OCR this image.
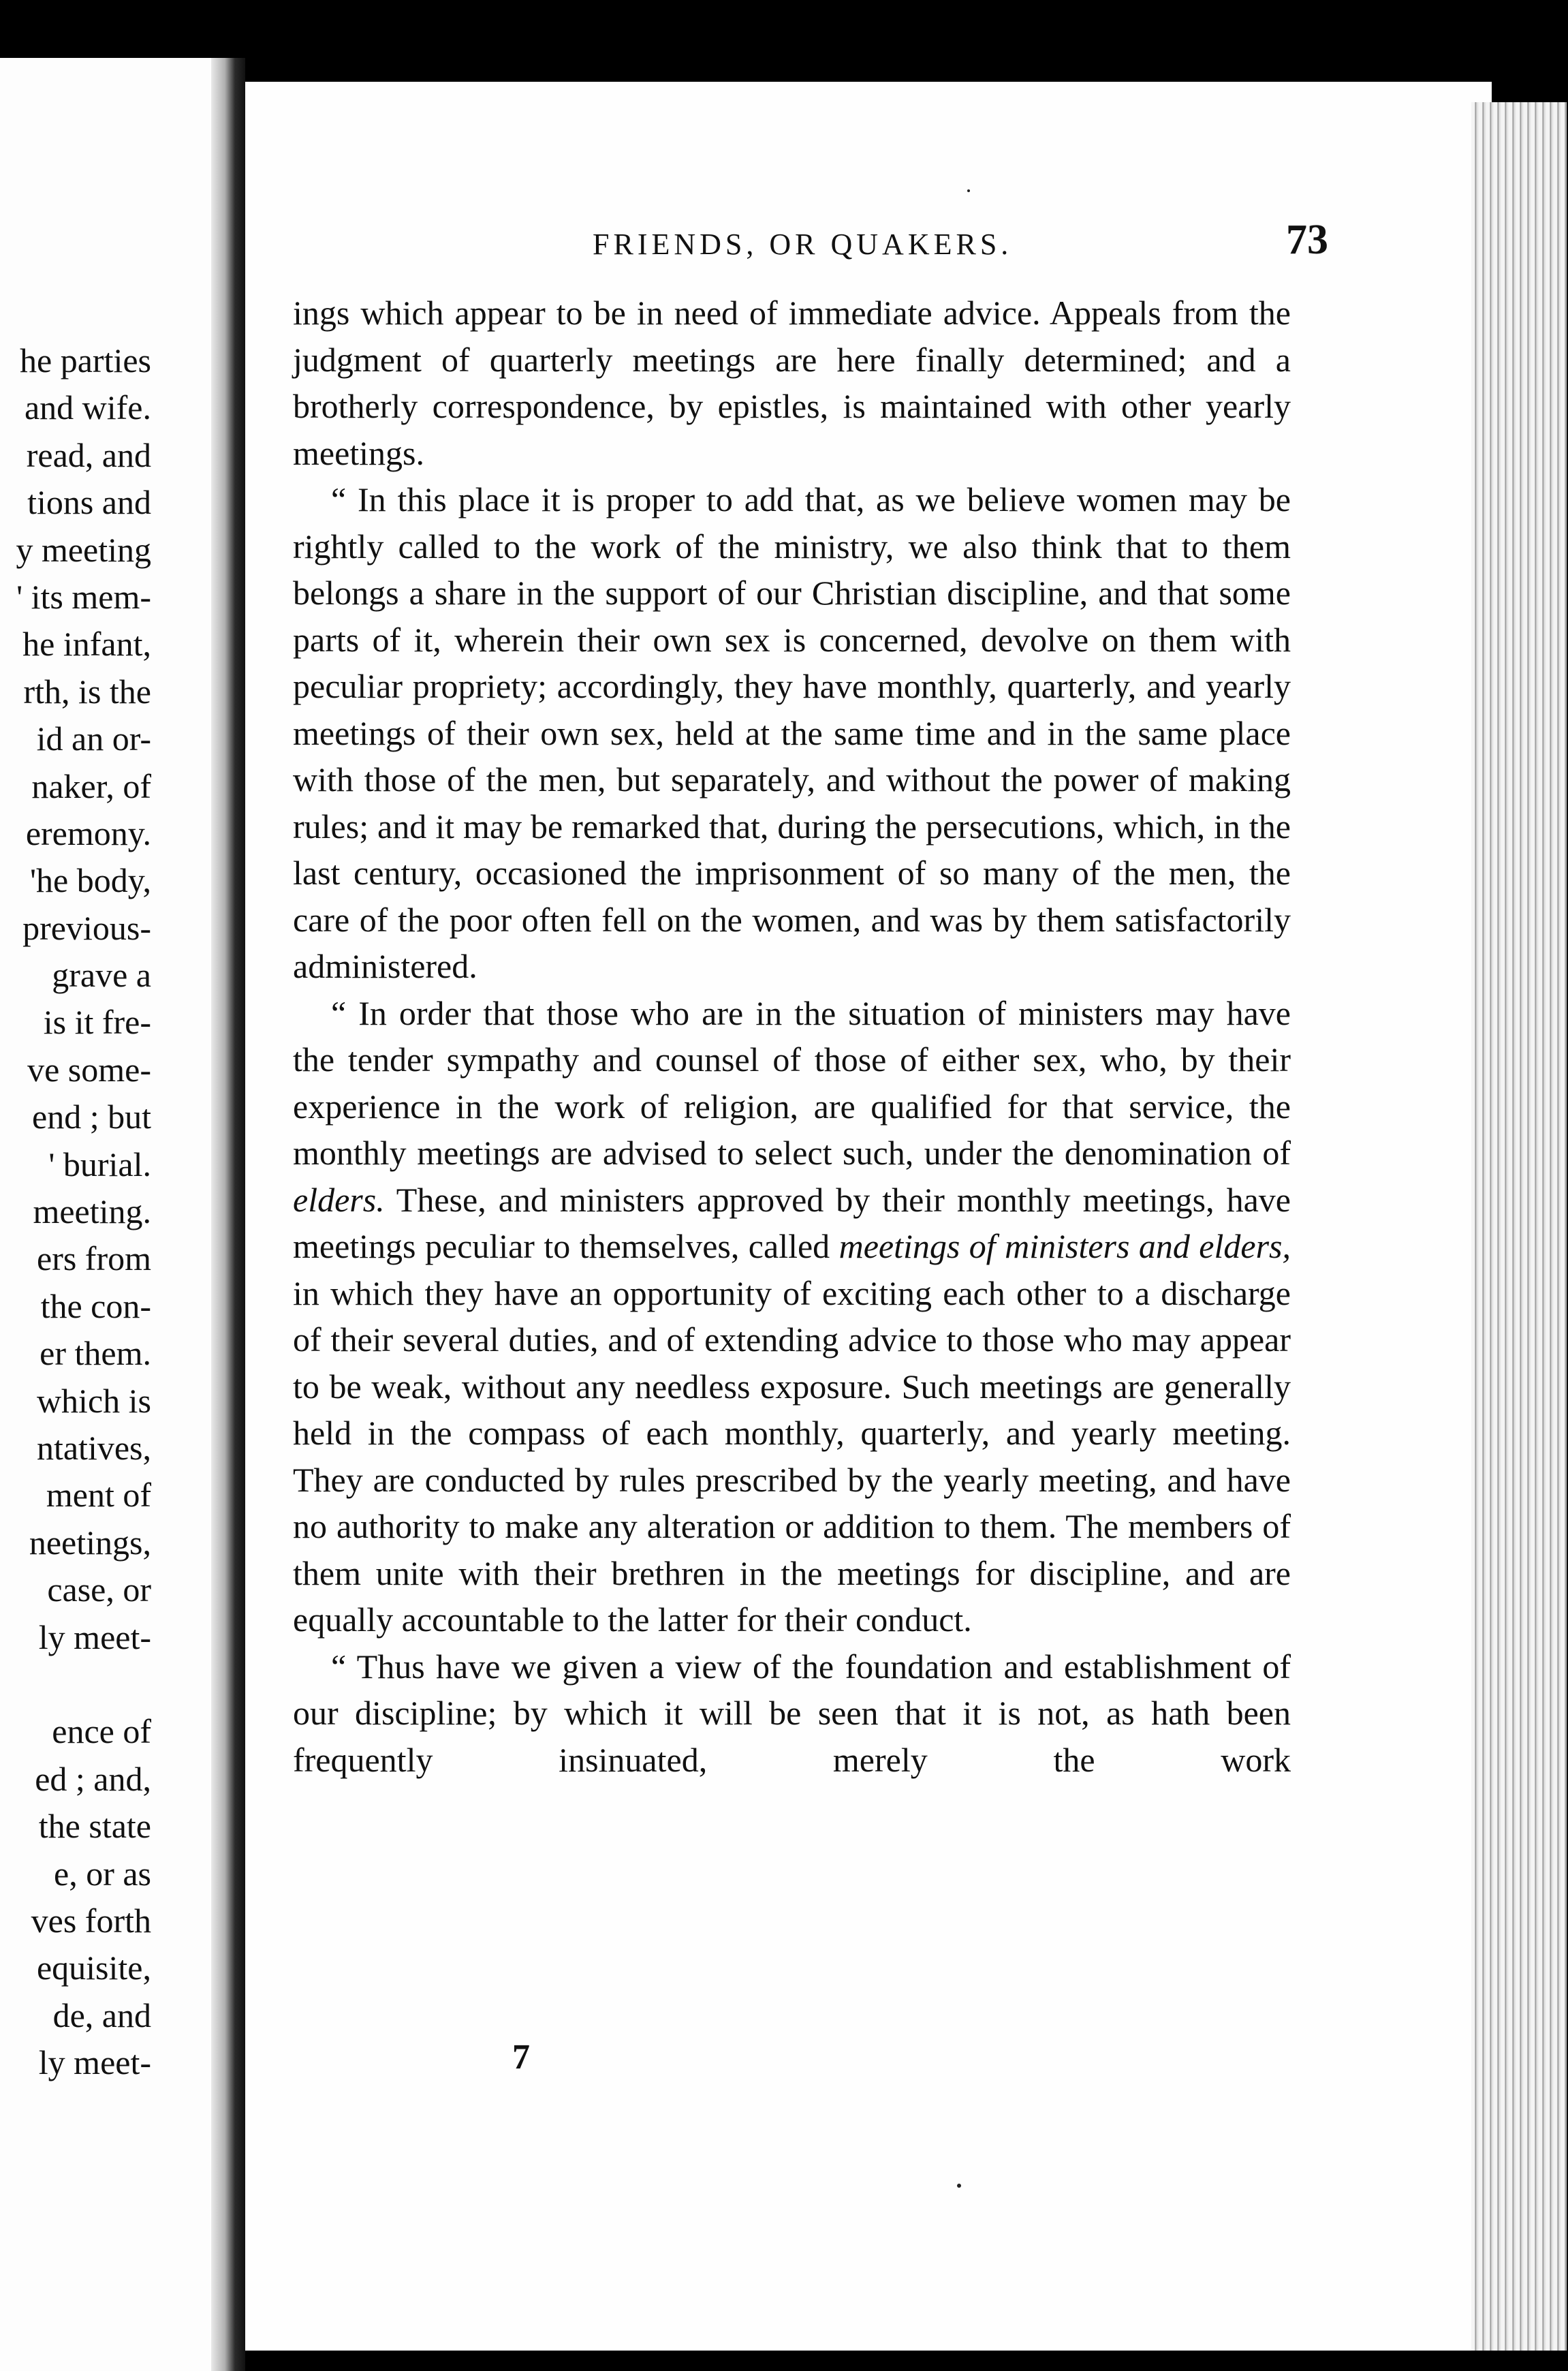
he parties
and wife.
read, and
tions and
y meeting
' its mem-
he infant,
rth, is the
id an or-
naker, of
eremony.
'he body,
previous-
grave a
is it fre-
ve some-
end ; but
' burial.
meeting.
ers from
the con-
er them.
which is
ntatives,
ment of
neetings,
case, or
ly meet-
ence of
ed ; and,
the state
e, or as
ves forth
equisite,
de, and
ly meet-
FRIENDS, OR QUAKERS.	73

ings which appear to be in need of immediate advice. Appeals from the judgment of quarterly meetings are here finally determined; and a brotherly correspondence, by epistles, is maintained with other yearly meetings.

“ In this place it is proper to add that, as we believe women may be rightly called to the work of the ministry, we also think that to them belongs a share in the support of our Christian discipline, and that some parts of it, wherein their own sex is concerned, devolve on them with peculiar propriety; accordingly, they have monthly, quarterly, and yearly meetings of their own sex, held at the same time and in the same place with those of the men, but separately, and without the power of making rules; and it may be remarked that, during the persecutions, which, in the last century, occasioned the imprisonment of so many of the men, the care of the poor often fell on the women, and was by them satisfactorily administered.

“ In order that those who are in the situation of ministers may have the tender sympathy and counsel of those of either sex, who, by their experience in the work of religion, are qualified for that service, the monthly meetings are advised to select such, under the denomination of elders. These, and ministers approved by their monthly meetings, have meetings peculiar to themselves, called meetings of ministers and elders, in which they have an opportunity of exciting each other to a discharge of their several duties, and of extending advice to those who may appear to be weak, without any needless exposure. Such meetings are generally held in the compass of each monthly, quarterly, and yearly meeting. They are conducted by rules prescribed by the yearly meeting, and have no authority to make any alteration or addition to them. The members of them unite with their brethren in the meetings for discipline, and are equally accountable to the latter for their conduct.

“ Thus have we given a view of the foundation and establishment of our discipline; by which it will be seen that it is not, as hath been frequently insinuated, merely the work

7
